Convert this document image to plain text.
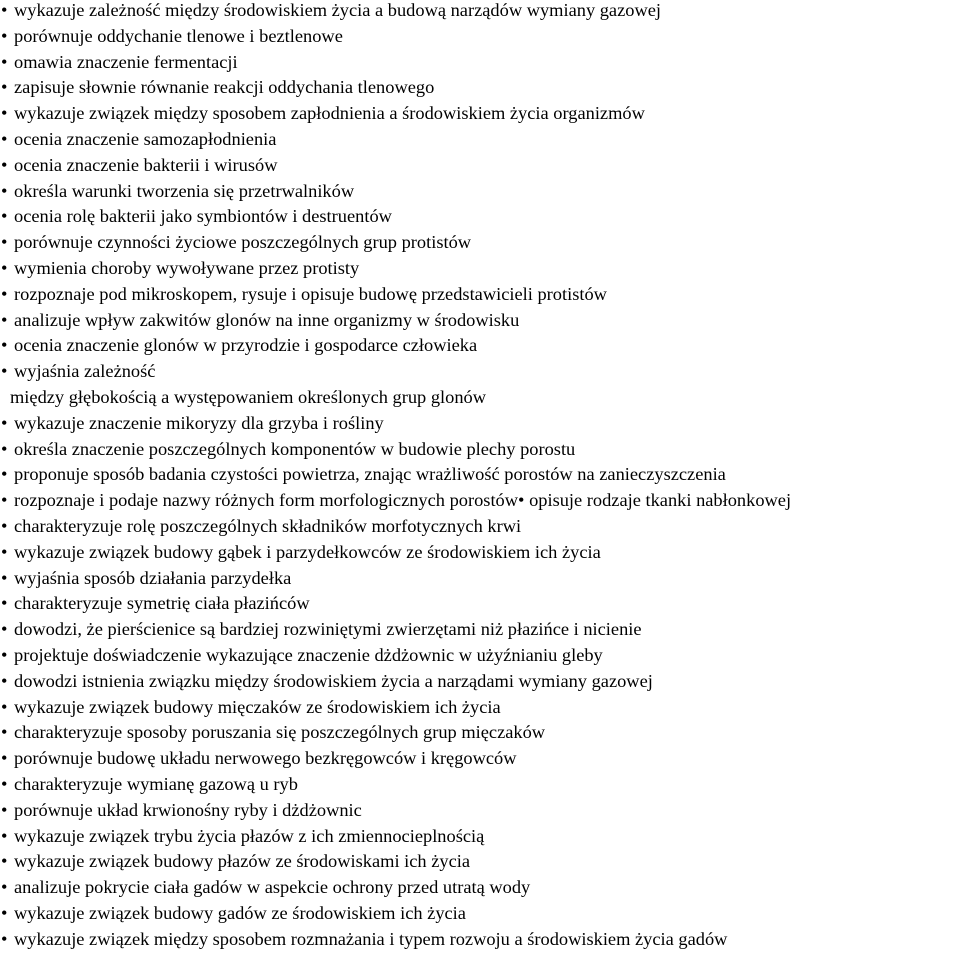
• wykazuje zależność między środowiskiem życia a budową narządów wymiany gazowej
• porównuje oddychanie tlenowe i beztlenowe
• omawia znaczenie fermentacji
• zapisuje słownie równanie reakcji oddychania tlenowego
• wykazuje związek między sposobem zapłodnienia a środowiskiem życia organizmów
• ocenia znaczenie samozapłodnienia
• ocenia znaczenie bakterii i wirusów
• określa warunki tworzenia się przetrwalników
• ocenia rolę bakterii jako symbiontów i destruentów
• porównuje czynności życiowe poszczególnych grup protistów
• wymienia choroby wywoływane przez protisty
• rozpoznaje pod mikroskopem, rysuje i opisuje budowę przedstawicieli protistów
• analizuje wpływ zakwitów glonów na inne organizmy w środowisku
• ocenia znaczenie glonów w przyrodzie i gospodarce człowieka
• wyjaśnia zależność
między głębokością a występowaniem określonych grup glonów
• wykazuje znaczenie mikoryzy dla grzyba i rośliny
• określa znaczenie poszczególnych komponentów w budowie plechy porostu
• proponuje sposób badania czystości powietrza, znając wrażliwość porostów na zanieczyszczenia
• rozpoznaje i podaje nazwy różnych form morfologicznych porostów• opisuje rodzaje tkanki nabłonkowej
• charakteryzuje rolę poszczególnych składników morfotycznych krwi
• wykazuje związek budowy gąbek i parzydełkowców ze środowiskiem ich życia
• wyjaśnia sposób działania parzydełka
• charakteryzuje symetrię ciała płazińców
• dowodzi, że pierścienice są bardziej rozwiniętymi zwierzętami niż płazińce i nicienie
• projektuje doświadczenie wykazujące znaczenie dżdżownic w użyźnianiu gleby
• dowodzi istnienia związku między środowiskiem życia a narządami wymiany gazowej
• wykazuje związek budowy mięczaków ze środowiskiem ich życia
• charakteryzuje sposoby poruszania się poszczególnych grup mięczaków
• porównuje budowę układu nerwowego bezkręgowców i kręgowców
• charakteryzuje wymianę gazową u ryb
• porównuje układ krwionośny ryby i dżdżownic
• wykazuje związek trybu życia płazów z ich zmiennocieplnością
• wykazuje związek budowy płazów ze środowiskami ich życia
• analizuje pokrycie ciała gadów w aspekcie ochrony przed utratą wody
• wykazuje związek budowy gadów ze środowiskiem ich życia
• wykazuje związek między sposobem rozmnażania i typem rozwoju a środowiskiem życia gadów
